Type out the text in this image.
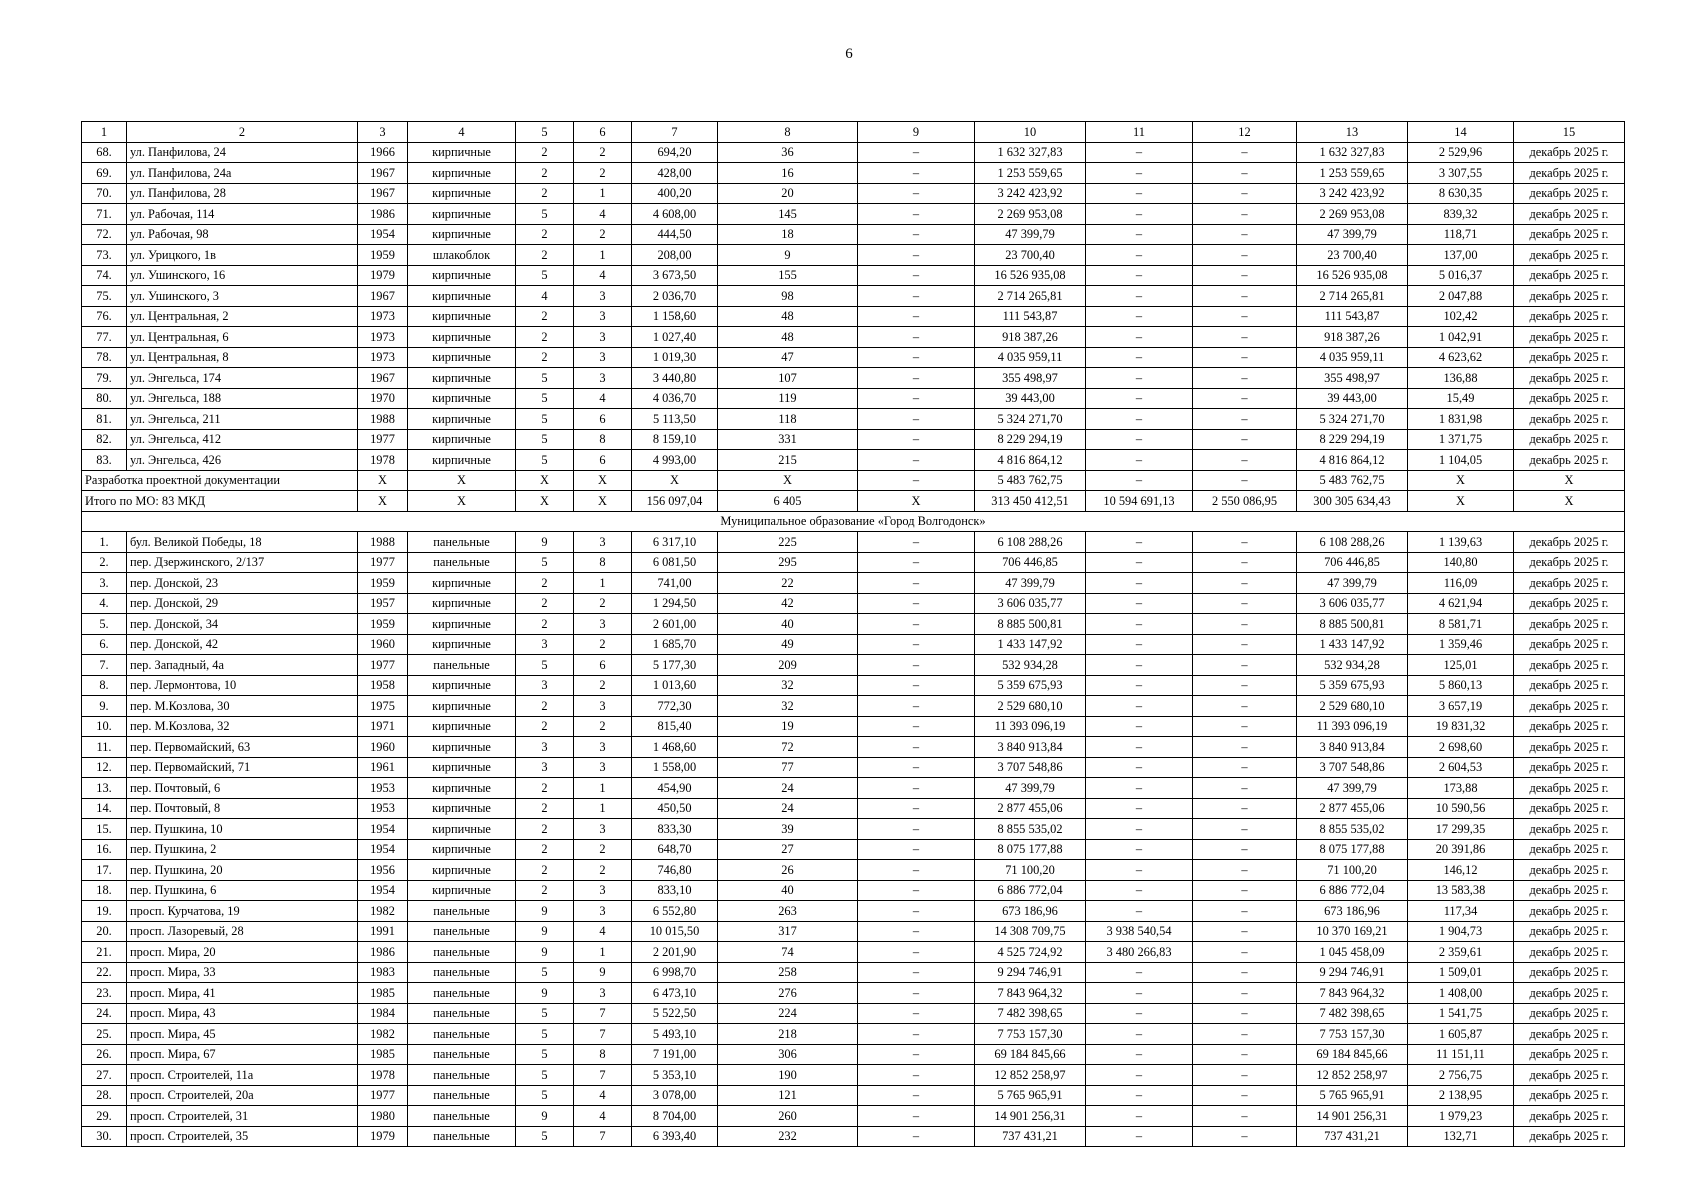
6
1	2	3	4	5	6	7	8	9	10	11	12	13	14	15
68.	ул. Панфилова, 24	1966	кирпичные	2	2	694,20	36	–	1 632 327,83	–	–	1 632 327,83	2 529,96	декабрь 2025 г.
69.	ул. Панфилова, 24а	1967	кирпичные	2	2	428,00	16	–	1 253 559,65	–	–	1 253 559,65	3 307,55	декабрь 2025 г.
70.	ул. Панфилова, 28	1967	кирпичные	2	1	400,20	20	–	3 242 423,92	–	–	3 242 423,92	8 630,35	декабрь 2025 г.
71.	ул. Рабочая, 114	1986	кирпичные	5	4	4 608,00	145	–	2 269 953,08	–	–	2 269 953,08	839,32	декабрь 2025 г.
72.	ул. Рабочая, 98	1954	кирпичные	2	2	444,50	18	–	47 399,79	–	–	47 399,79	118,71	декабрь 2025 г.
73.	ул. Урицкого, 1в	1959	шлакоблок	2	1	208,00	9	–	23 700,40	–	–	23 700,40	137,00	декабрь 2025 г.
74.	ул. Ушинского, 16	1979	кирпичные	5	4	3 673,50	155	–	16 526 935,08	–	–	16 526 935,08	5 016,37	декабрь 2025 г.
75.	ул. Ушинского, 3	1967	кирпичные	4	3	2 036,70	98	–	2 714 265,81	–	–	2 714 265,81	2 047,88	декабрь 2025 г.
76.	ул. Центральная, 2	1973	кирпичные	2	3	1 158,60	48	–	111 543,87	–	–	111 543,87	102,42	декабрь 2025 г.
77.	ул. Центральная, 6	1973	кирпичные	2	3	1 027,40	48	–	918 387,26	–	–	918 387,26	1 042,91	декабрь 2025 г.
78.	ул. Центральная, 8	1973	кирпичные	2	3	1 019,30	47	–	4 035 959,11	–	–	4 035 959,11	4 623,62	декабрь 2025 г.
79.	ул. Энгельса, 174	1967	кирпичные	5	3	3 440,80	107	–	355 498,97	–	–	355 498,97	136,88	декабрь 2025 г.
80.	ул. Энгельса, 188	1970	кирпичные	5	4	4 036,70	119	–	39 443,00	–	–	39 443,00	15,49	декабрь 2025 г.
81.	ул. Энгельса, 211	1988	кирпичные	5	6	5 113,50	118	–	5 324 271,70	–	–	5 324 271,70	1 831,98	декабрь 2025 г.
82.	ул. Энгельса, 412	1977	кирпичные	5	8	8 159,10	331	–	8 229 294,19	–	–	8 229 294,19	1 371,75	декабрь 2025 г.
83.	ул. Энгельса, 426	1978	кирпичные	5	6	4 993,00	215	–	4 816 864,12	–	–	4 816 864,12	1 104,05	декабрь 2025 г.
Разработка проектной документации		X	X	X	X	X	X	–	5 483 762,75	–	–	5 483 762,75	X	X
Итого по МО: 83 МКД		X	X	X	X	156 097,04	6 405	X	313 450 412,51	10 594 691,13	2 550 086,95	300 305 634,43	X	X
Муниципальное образование «Город Волгодонск»														
1.	бул. Великой Победы, 18	1988	панельные	9	3	6 317,10	225	–	6 108 288,26	–	–	6 108 288,26	1 139,63	декабрь 2025 г.
2.	пер. Дзержинского, 2/137	1977	панельные	5	8	6 081,50	295	–	706 446,85	–	–	706 446,85	140,80	декабрь 2025 г.
3.	пер. Донской, 23	1959	кирпичные	2	1	741,00	22	–	47 399,79	–	–	47 399,79	116,09	декабрь 2025 г.
4.	пер. Донской, 29	1957	кирпичные	2	2	1 294,50	42	–	3 606 035,77	–	–	3 606 035,77	4 621,94	декабрь 2025 г.
5.	пер. Донской, 34	1959	кирпичные	2	3	2 601,00	40	–	8 885 500,81	–	–	8 885 500,81	8 581,71	декабрь 2025 г.
6.	пер. Донской, 42	1960	кирпичные	3	2	1 685,70	49	–	1 433 147,92	–	–	1 433 147,92	1 359,46	декабрь 2025 г.
7.	пер. Западный, 4а	1977	панельные	5	6	5 177,30	209	–	532 934,28	–	–	532 934,28	125,01	декабрь 2025 г.
8.	пер. Лермонтова, 10	1958	кирпичные	3	2	1 013,60	32	–	5 359 675,93	–	–	5 359 675,93	5 860,13	декабрь 2025 г.
9.	пер. М.Козлова, 30	1975	кирпичные	2	3	772,30	32	–	2 529 680,10	–	–	2 529 680,10	3 657,19	декабрь 2025 г.
10.	пер. М.Козлова, 32	1971	кирпичные	2	2	815,40	19	–	11 393 096,19	–	–	11 393 096,19	19 831,32	декабрь 2025 г.
11.	пер. Первомайский, 63	1960	кирпичные	3	3	1 468,60	72	–	3 840 913,84	–	–	3 840 913,84	2 698,60	декабрь 2025 г.
12.	пер. Первомайский, 71	1961	кирпичные	3	3	1 558,00	77	–	3 707 548,86	–	–	3 707 548,86	2 604,53	декабрь 2025 г.
13.	пер. Почтовый, 6	1953	кирпичные	2	1	454,90	24	–	47 399,79	–	–	47 399,79	173,88	декабрь 2025 г.
14.	пер. Почтовый, 8	1953	кирпичные	2	1	450,50	24	–	2 877 455,06	–	–	2 877 455,06	10 590,56	декабрь 2025 г.
15.	пер. Пушкина, 10	1954	кирпичные	2	3	833,30	39	–	8 855 535,02	–	–	8 855 535,02	17 299,35	декабрь 2025 г.
16.	пер. Пушкина, 2	1954	кирпичные	2	2	648,70	27	–	8 075 177,88	–	–	8 075 177,88	20 391,86	декабрь 2025 г.
17.	пер. Пушкина, 20	1956	кирпичные	2	2	746,80	26	–	71 100,20	–	–	71 100,20	146,12	декабрь 2025 г.
18.	пер. Пушкина, 6	1954	кирпичные	2	3	833,10	40	–	6 886 772,04	–	–	6 886 772,04	13 583,38	декабрь 2025 г.
19.	просп. Курчатова, 19	1982	панельные	9	3	6 552,80	263	–	673 186,96	–	–	673 186,96	117,34	декабрь 2025 г.
20.	просп. Лазоревый, 28	1991	панельные	9	4	10 015,50	317	–	14 308 709,75	3 938 540,54	–	10 370 169,21	1 904,73	декабрь 2025 г.
21.	просп. Мира, 20	1986	панельные	9	1	2 201,90	74	–	4 525 724,92	3 480 266,83	–	1 045 458,09	2 359,61	декабрь 2025 г.
22.	просп. Мира, 33	1983	панельные	5	9	6 998,70	258	–	9 294 746,91	–	–	9 294 746,91	1 509,01	декабрь 2025 г.
23.	просп. Мира, 41	1985	панельные	9	3	6 473,10	276	–	7 843 964,32	–	–	7 843 964,32	1 408,00	декабрь 2025 г.
24.	просп. Мира, 43	1984	панельные	5	7	5 522,50	224	–	7 482 398,65	–	–	7 482 398,65	1 541,75	декабрь 2025 г.
25.	просп. Мира, 45	1982	панельные	5	7	5 493,10	218	–	7 753 157,30	–	–	7 753 157,30	1 605,87	декабрь 2025 г.
26.	просп. Мира, 67	1985	панельные	5	8	7 191,00	306	–	69 184 845,66	–	–	69 184 845,66	11 151,11	декабрь 2025 г.
27.	просп. Строителей, 11а	1978	панельные	5	7	5 353,10	190	–	12 852 258,97	–	–	12 852 258,97	2 756,75	декабрь 2025 г.
28.	просп. Строителей, 20а	1977	панельные	5	4	3 078,00	121	–	5 765 965,91	–	–	5 765 965,91	2 138,95	декабрь 2025 г.
29.	просп. Строителей, 31	1980	панельные	9	4	8 704,00	260	–	14 901 256,31	–	–	14 901 256,31	1 979,23	декабрь 2025 г.
30.	просп. Строителей, 35	1979	панельные	5	7	6 393,40	232	–	737 431,21	–	–	737 431,21	132,71	декабрь 2025 г.
